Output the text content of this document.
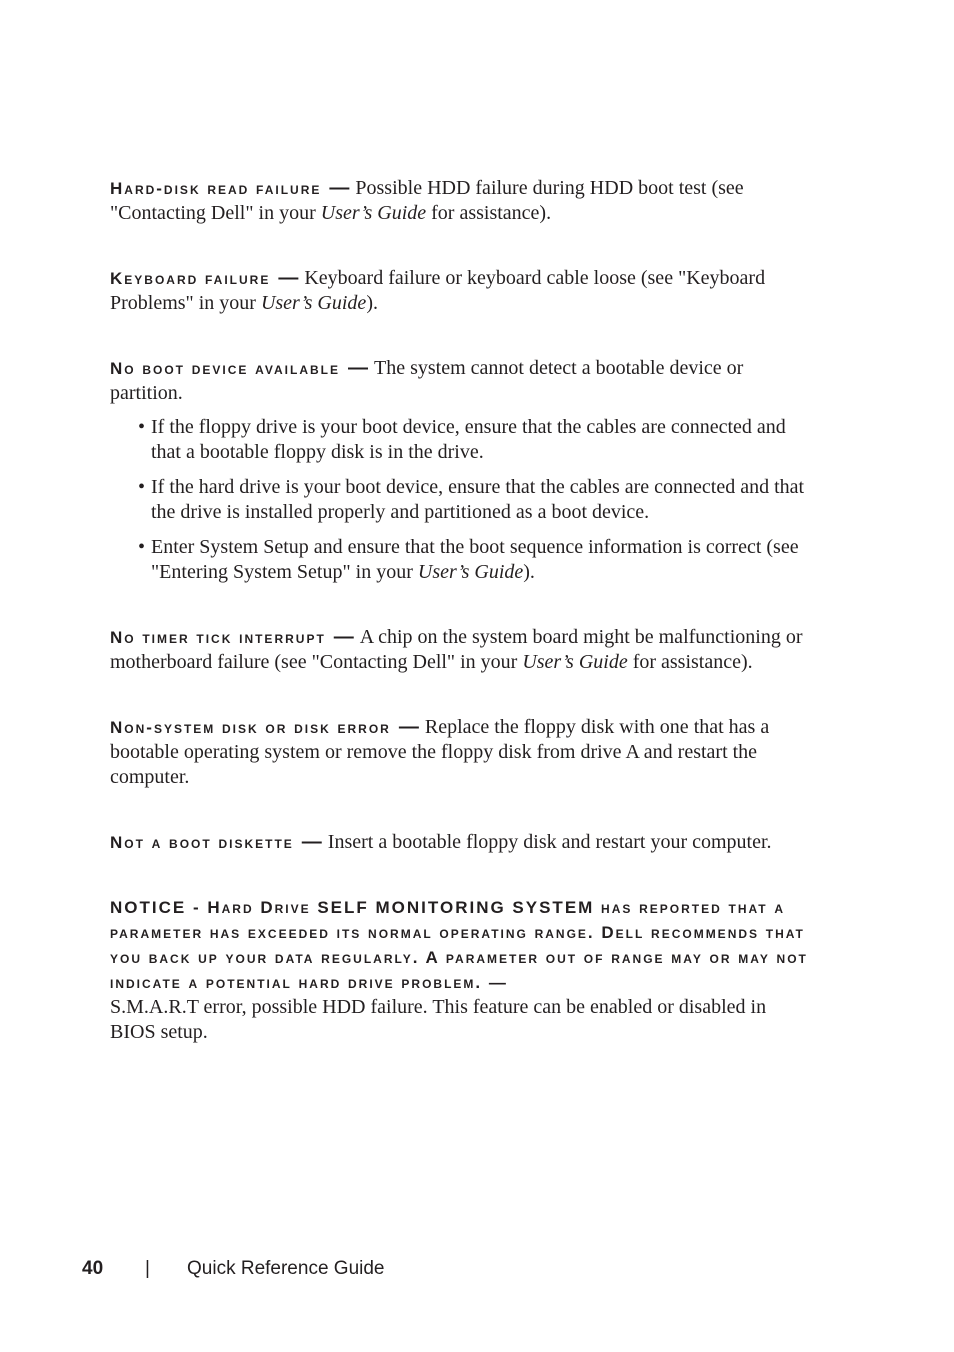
Hard-disk read failure — Possible HDD failure during HDD boot test (see "Contacting Dell" in your User’s Guide for assistance).

Keyboard failure — Keyboard failure or keyboard cable loose (see "Keyboard Problems" in your User’s Guide).

No boot device available — The system cannot detect a bootable device or partition.

• If the floppy drive is your boot device, ensure that the cables are connected and that a bootable floppy disk is in the drive.
• If the hard drive is your boot device, ensure that the cables are connected and that the drive is installed properly and partitioned as a boot device.
• Enter System Setup and ensure that the boot sequence information is correct (see "Entering System Setup" in your User’s Guide).

No timer tick interrupt — A chip on the system board might be malfunctioning or motherboard failure (see "Contacting Dell" in your User’s Guide for assistance).

Non-system disk or disk error — Replace the floppy disk with one that has a bootable operating system or remove the floppy disk from drive A and restart the computer.

Not a boot diskette — Insert a bootable floppy disk and restart your computer.

NOTICE - Hard Drive SELF MONITORING SYSTEM has reported that a parameter has exceeded its normal operating range. Dell recommends that you back up your data regularly. A parameter out of range may or may not indicate a potential hard drive problem. —

S.M.A.R.T error, possible HDD failure. This feature can be enabled or disabled in BIOS setup.

40 | Quick Reference Guide
